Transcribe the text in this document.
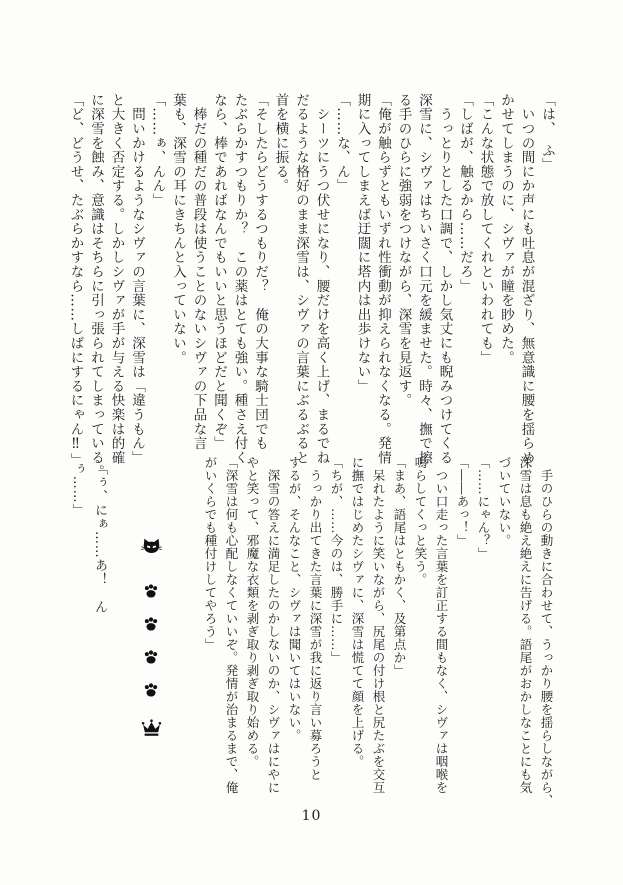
「は、　ふ」

　いつの間にか声にも吐息が混ざり、無意識に腰を揺らめ

かせてしまうのに、シヴァが瞳を眇めた。

「こんな状態で放してくれといわれても」

「しばが、触るから……だろ」

　うっとりとした口調で、しかし気丈にも睨みつけてくる

深雪に、シヴァはちいさく口元を緩ませた。時々、撫で擦

る手のひらに強弱をつけながら、深雪を見返す。

「俺が触らずともいずれ性衝動が抑えられなくなる。発情

期に入ってしまえば迂闊に塔内は出歩けない」

「……な、ん」

　シーツにうつ伏せになり、腰だけを高く上げ、まるでね

だるような格好のまま深雪は、シヴァの言葉にぶるぶると

首を横に振る。

「そしたらどうするつもりだ？　俺の大事な騎士団でも

たぶらかすつもりか？　この薬はとても強い。種さえ付く

なら、棒であればなんでもいいと思うほどだと聞くぞ」

　棒だの種だの普段は使うことのないシヴァの下品な言

葉も、深雪の耳にきちんと入っていない。

「……ぁ、んん」

　問いかけるようなシヴァの言葉に、深雪は「違うもん」

と大きく否定する。しかしシヴァが手が与える快楽は的確

に深雪を蝕み、意識はそちらに引っ張られてしまっている。

「ど、どうせ、たぶらかすなら……しばにするにゃん‼」

　手のひらの動きに合わせて、うっかり腰を揺らしながら、

深雪は息も絶え絶えに告げる。語尾がおかしなことにも気

づいていない。

「……にゃん？」

「――あっ！」

　つい口走った言葉を訂正する間もなく、シヴァは咽喉を

鳴らしてくっと笑う。

「まあ、語尾はともかく、及第点か」

　呆れたように笑いながら、尻尾の付け根と尻たぶを交互

に撫ではじめたシヴァに、深雪は慌てて顔を上げる。

「ちが、……今のは、勝手に……」

　うっかり出てきた言葉に深雪が我に返り言い募ろうと

するが、そんなこと、シヴァは聞いてはいない。

　深雪の答えに満足したのかしないのか、シヴァはにやに

やと笑って、邪魔な衣類を剥ぎ取り剥ぎ取り始める。

「深雪は何も心配しなくていいぞ。発情が治まるまで、俺

がいくらでも種付けしてやろう」

「ぅ、にぁ……あ！　んぅ……」
10
